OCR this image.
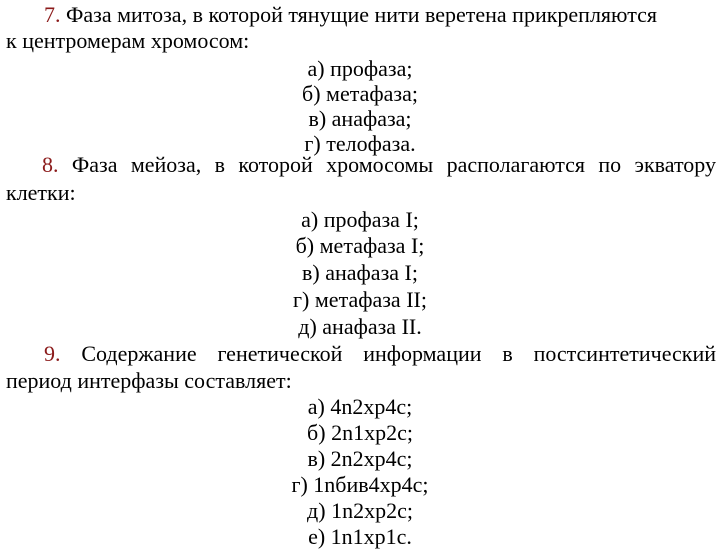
7. Фаза митоза, в которой тянущие нити веретена прикрепляются
к центромерам хромосом:
а) профаза;
б) метафаза;
в) анафаза;
г) телофаза.
8. Фаза мейоза, в которой хромосомы располагаются по экватору
клетки:
а) профаза I;
б) метафаза I;
в) анафаза I;
г) метафаза II;
д) анафаза II.
9. Содержание генетической информации в постсинтетический
период интерфазы составляет:
а) 4n2хр4с;
б) 2n1хр2с;
в) 2n2хр4с;
г) 1nбив4хр4с;
д) 1n2хр2с;
е) 1n1хр1с.
